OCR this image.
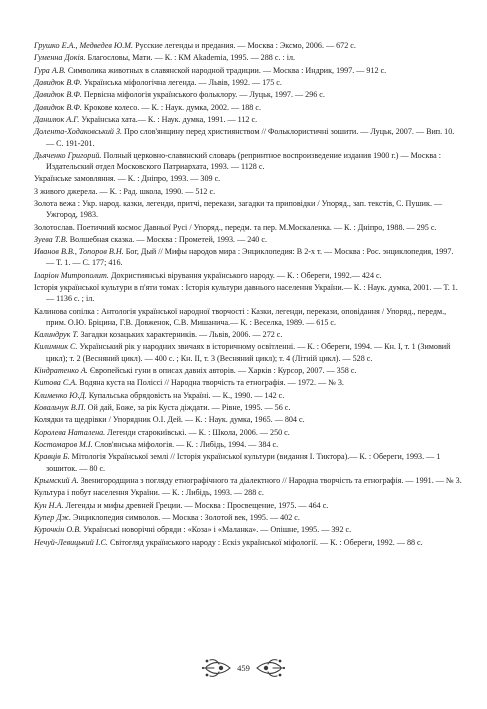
Грушко Е.А., Медведев Ю.М. Русские легенды и предания. — Москва : Эксмо, 2006. — 672 с.

Гуменна Докія. Благословы, Мати. — К. : КМ Akademia, 1995. — 288 с. : іл.

Гура А.В. Символика животных в славянской народной традиции. — Москва : Индрик, 1997. — 912 с.

Давидюк В.Ф. Українська міфологічна легенда. — Львів, 1992. — 175 с.

Давидюк В.Ф. Первісна міфологія українського фольклору. — Луцьк, 1997. — 296 с.

Давидюк В.Ф. Крокове колесо. — К. : Наук. думка, 2002. — 188 с.

Данилюк А.Г. Українська хата.— К. : Наук. думка, 1991. — 112 с.

Долента-Ходаковський З. Про слов'янщину перед християнством // Фольклористичні зошити. — Луцьк, 2007. — Вип. 10. — С. 191-201.

Дьяченко Григорий. Полный церковно-славянский словарь (репринтное воспроизведение издания 1900 г.) — Москва : Издательский отдел Московского Патриархата, 1993. — 1128 с.

Українське замовляння. — К. : Дніпро, 1993. — 309 с.

З живого джерела. — К. : Рад. школа, 1990. — 512 с.

Золота вежа : Укр. народ. казки, легенди, притчі, перекази, загадки та приповідки / Упоряд., зап. текстів, С. Пушик. — Ужгород, 1983.

Золотослав. Поетичний космос Давньої Русі / Упоряд., передм. та пер. М.Москаленка. — К. : Дніпро, 1988. — 295 с.

Зуева Т.В. Волшебная сказка. — Москва : Прометей, 1993. — 240 с.

Иванов В.В., Топоров В.Н. Бог, Дый // Мифы народов мира : Энциклопедия: В 2-х т. — Москва : Рос. энциклопедия, 1997. — Т. 1. — С. 177; 416.

Іларіон Митрополит. Дохристиянські вірування українського народу. — К. : Обереги, 1992.— 424 с.

Історія української культури в п'яти томах : Історія культури давнього населення України.— К. : Наук. думка, 2001. — Т. 1. — 1136 с. ; іл.

Калинова сопілка : Антологія української народної творчості : Казки, легенди, перекази, оповідання / Упоряд., передм., прим. О.Ю. Бріцина, Г.В. Довженок, С.В. Мишанича.— К. : Веселка, 1989. — 615 с.

Калиндрук Т. Загадки козацьких характерників. — Львів, 2006. — 272 с.

Килимник С. Український рік у народних звичаях в історичному освітленні. — К. : Обереги, 1994. — Кн. І, т. 1 (Зимовий цикл); т. 2 (Весняний цикл). — 400 с. ; Кн. ІІ, т. 3 (Весняний цикл); т. 4 (Літній цикл). — 528 с.

Кіндратенко А. Європейські гуни в описах давніх авторів. — Харків : Курсор, 2007. — 358 с.

Китова С.А. Водяна куста на Поліссі // Народна творчість та етнографія. — 1972. — № 3.

Клименко Ю.Д. Купальська обрядовість на Україні. — К., 1990. — 142 с.

Ковальчук В.П. Ой дай, Боже, за рік Куста діждати. — Рівне, 1995. — 56 с.

Колядки та щедрівки / Упорядник О.І. Дей. — К. : Наук. думка, 1965. — 804 с.

Королева Наталена. Легенди старокиївські. — К. : Школа, 2006. — 250 с.

Костомаров М.І. Слов'янська міфологія. — К. : Либідь, 1994. — 384 с.

Кравців Б. Мітологія Української землі // Історія української культури (видання І. Тиктора).— К. : Обереги, 1993. — 1 зошиток. — 80 с.

Крымский А. Звенигородщина з погляду етнографічного та діалектного // Народна творчість та етнографія. — 1991. — № 3.

Культура і побут населення України. — К. : Либідь, 1993. — 288 с.

Кун Н.А. Легенды и мифы древней Греции. — Москва : Просвещение, 1975. — 464 с.

Купер Дж. Энциклопедия символов. — Москва : Золотой век, 1995. — 402 с.

Курочкін О.В. Українські новорічні обряди : «Коза» і «Маланка». — Опішне, 1995. — 392 с.

Нечуй-Левицький І.С. Світогляд українського народу : Ескіз української міфології. — К. : Обереги, 1992. — 88 с.

459
